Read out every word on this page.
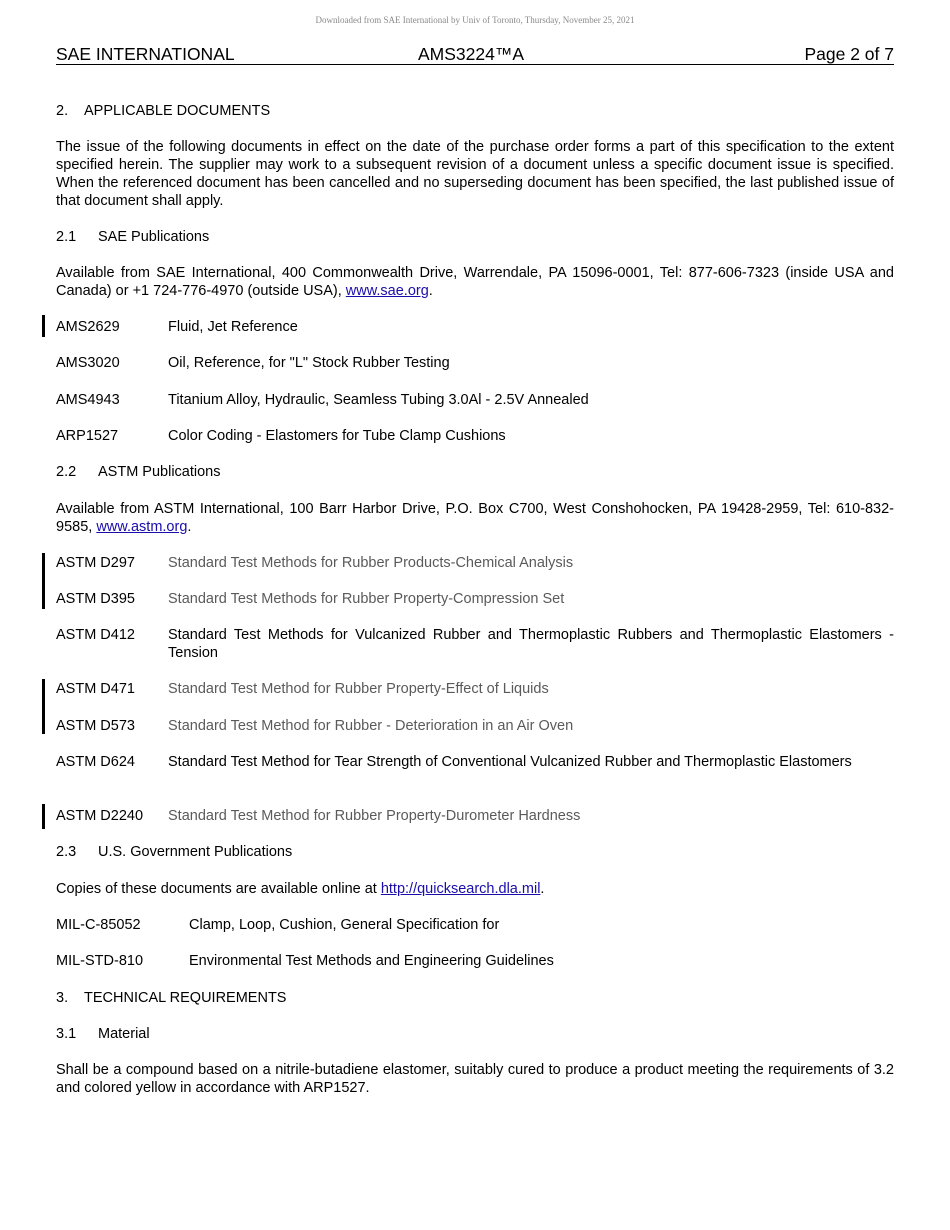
Downloaded from SAE International by Univ of Toronto, Thursday, November 25, 2021
SAE INTERNATIONAL	AMS3224™A	Page 2 of 7
2. APPLICABLE DOCUMENTS
The issue of the following documents in effect on the date of the purchase order forms a part of this specification to the extent specified herein. The supplier may work to a subsequent revision of a document unless a specific document issue is specified. When the referenced document has been cancelled and no superseding document has been specified, the last published issue of that document shall apply.
2.1 SAE Publications
Available from SAE International, 400 Commonwealth Drive, Warrendale, PA 15096-0001, Tel: 877-606-7323 (inside USA and Canada) or +1 724-776-4970 (outside USA), www.sae.org.
AMS2629	Fluid, Jet Reference
AMS3020	Oil, Reference, for "L" Stock Rubber Testing
AMS4943	Titanium Alloy, Hydraulic, Seamless Tubing 3.0Al - 2.5V Annealed
ARP1527	Color Coding - Elastomers for Tube Clamp Cushions
2.2 ASTM Publications
Available from ASTM International, 100 Barr Harbor Drive, P.O. Box C700, West Conshohocken, PA 19428-2959, Tel: 610-832-9585, www.astm.org.
ASTM D297 Standard Test Methods for Rubber Products-Chemical Analysis
ASTM D395 Standard Test Methods for Rubber Property-Compression Set
ASTM D412 Standard Test Methods for Vulcanized Rubber and Thermoplastic Rubbers and Thermoplastic Elastomers - Tension
ASTM D471 Standard Test Method for Rubber Property-Effect of Liquids
ASTM D573 Standard Test Method for Rubber - Deterioration in an Air Oven
ASTM D624 Standard Test Method for Tear Strength of Conventional Vulcanized Rubber and Thermoplastic Elastomers
ASTM D2240 Standard Test Method for Rubber Property-Durometer Hardness
2.3 U.S. Government Publications
Copies of these documents are available online at http://quicksearch.dla.mil.
MIL-C-85052	Clamp, Loop, Cushion, General Specification for
MIL-STD-810	Environmental Test Methods and Engineering Guidelines
3. TECHNICAL REQUIREMENTS
3.1 Material
Shall be a compound based on a nitrile-butadiene elastomer, suitably cured to produce a product meeting the requirements of 3.2 and colored yellow in accordance with ARP1527.
